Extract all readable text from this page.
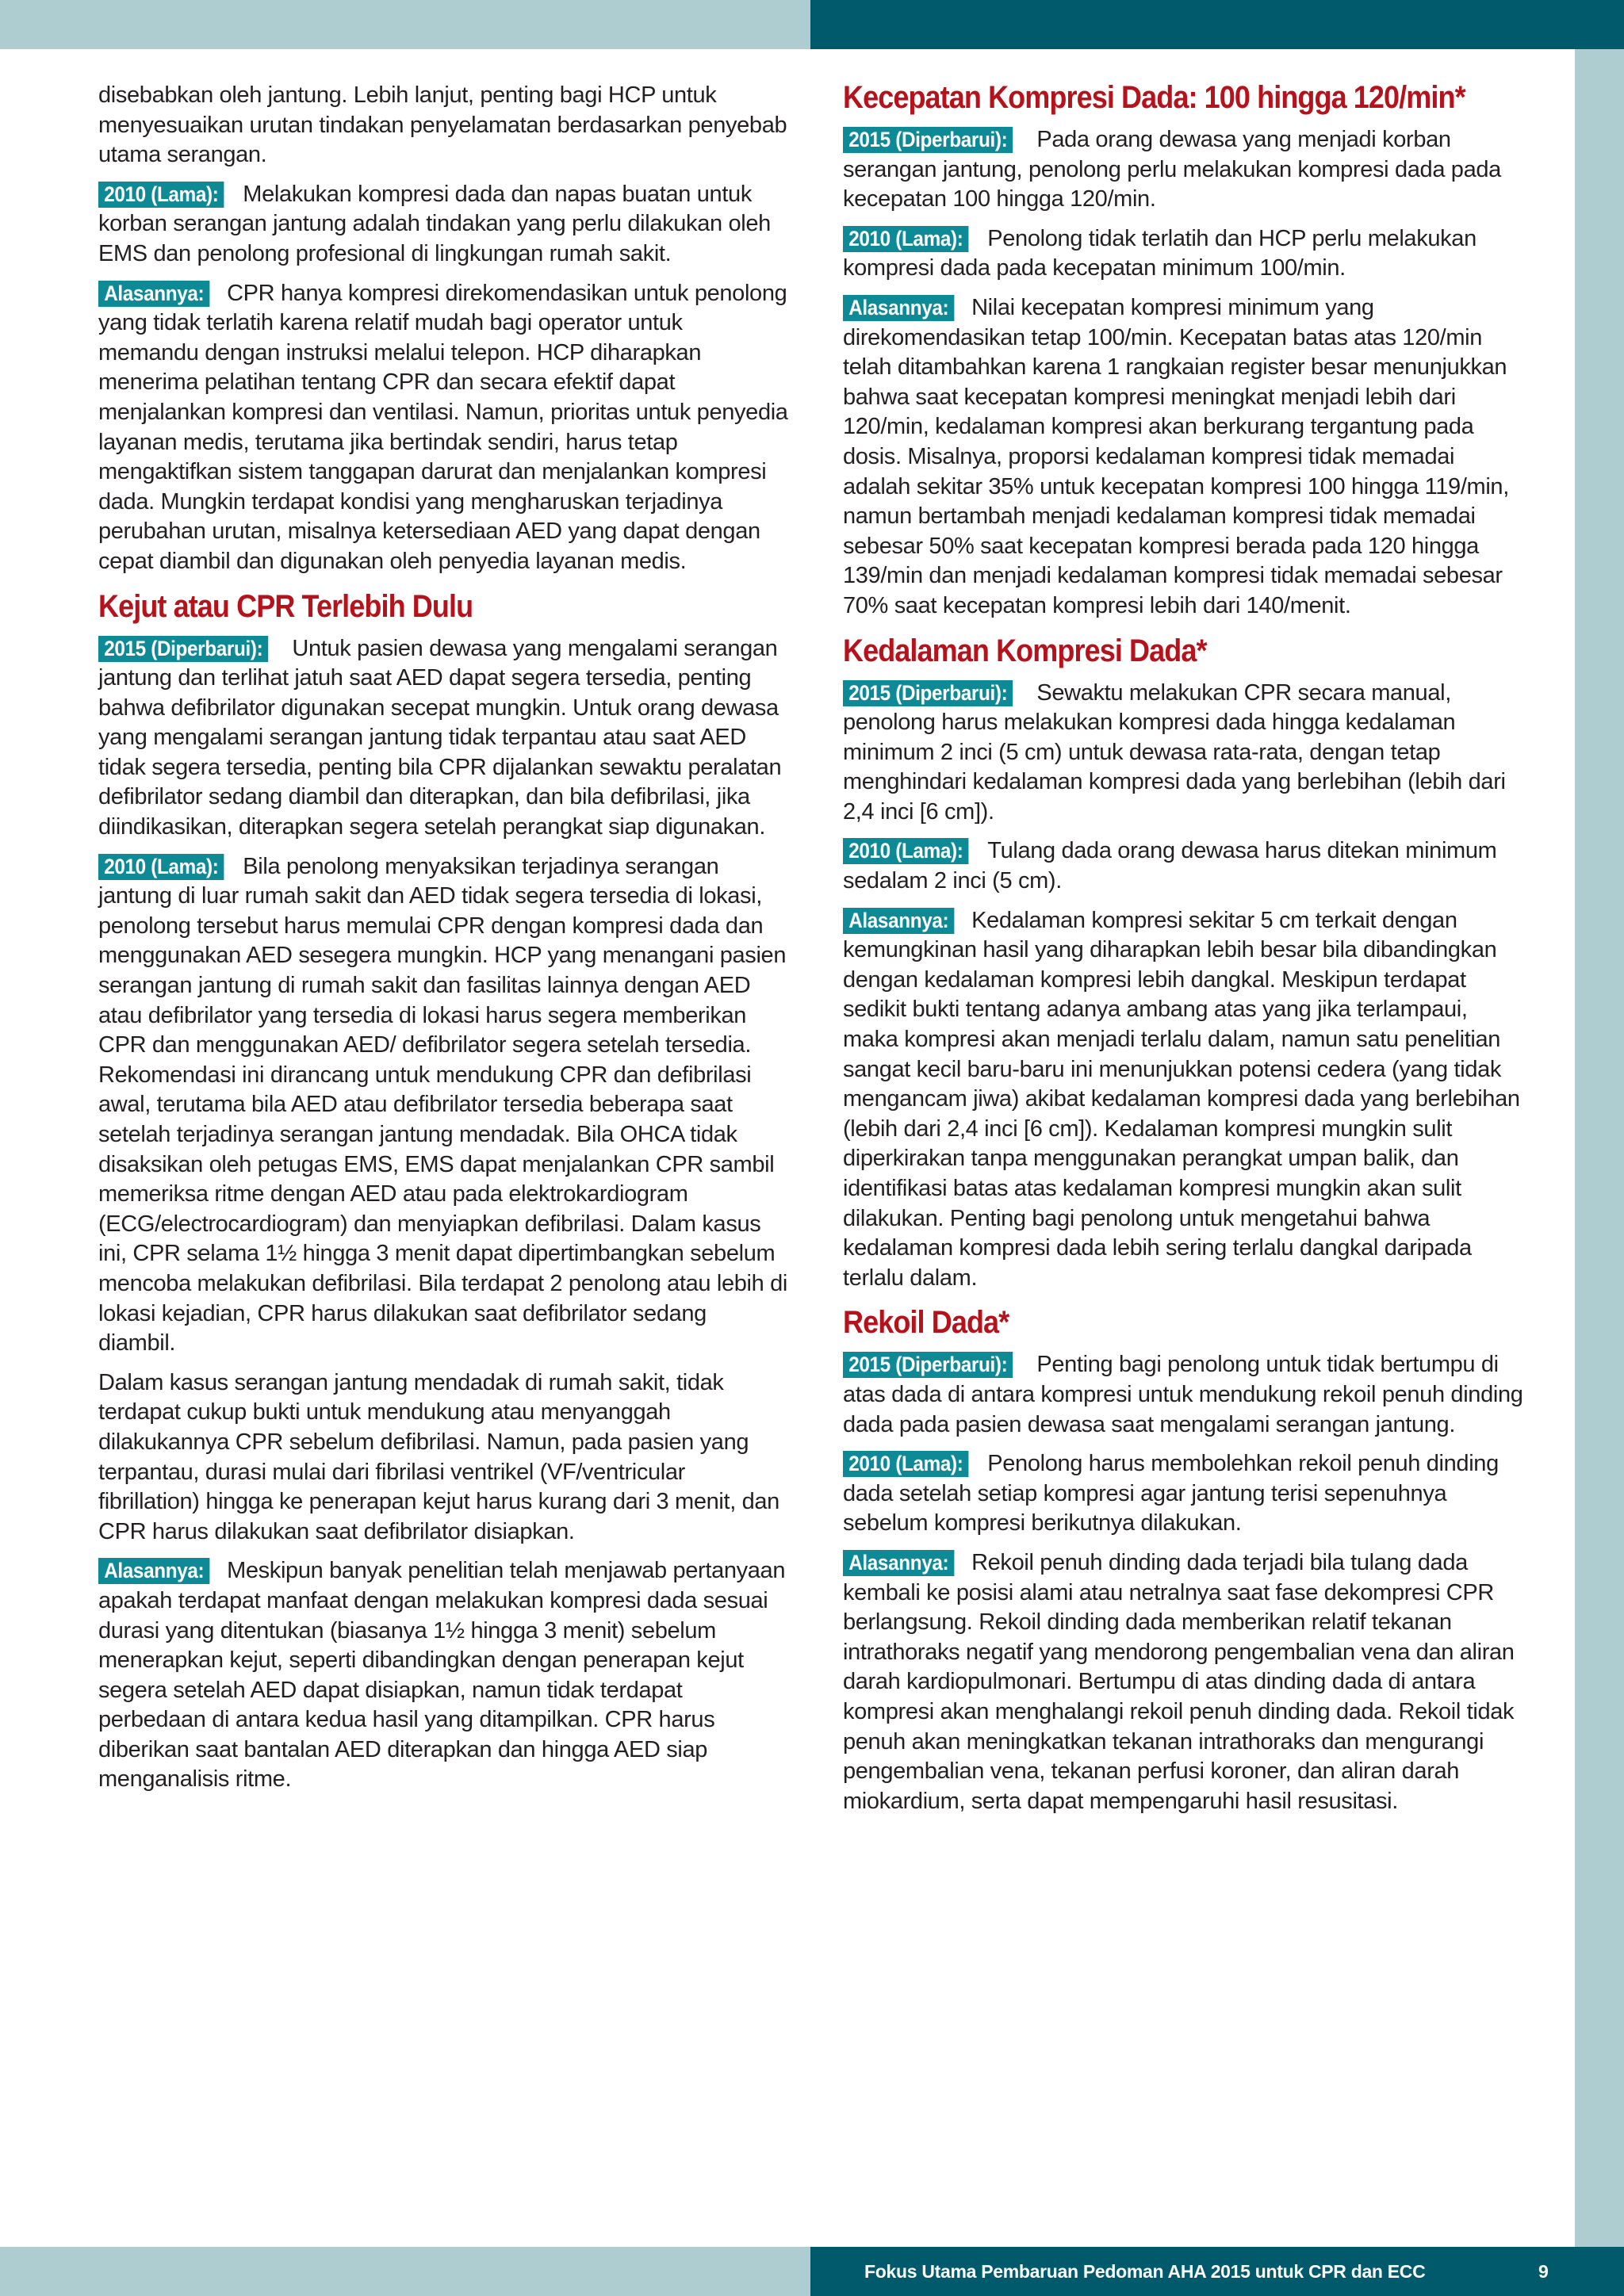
disebabkan oleh jantung. Lebih lanjut, penting bagi HCP untuk menyesuaikan urutan tindakan penyelamatan berdasarkan penyebab utama serangan.

2010 (Lama): Melakukan kompresi dada dan napas buatan untuk korban serangan jantung adalah tindakan yang perlu dilakukan oleh EMS dan penolong profesional di lingkungan rumah sakit.

Alasannya: CPR hanya kompresi direkomendasikan untuk penolong yang tidak terlatih karena relatif mudah bagi operator untuk memandu dengan instruksi melalui telepon. HCP diharapkan menerima pelatihan tentang CPR dan secara efektif dapat menjalankan kompresi dan ventilasi. Namun, prioritas untuk penyedia layanan medis, terutama jika bertindak sendiri, harus tetap mengaktifkan sistem tanggapan darurat dan menjalankan kompresi dada. Mungkin terdapat kondisi yang mengharuskan terjadinya perubahan urutan, misalnya ketersediaan AED yang dapat dengan cepat diambil dan digunakan oleh penyedia layanan medis.

Kejut atau CPR Terlebih Dulu

2015 (Diperbarui): Untuk pasien dewasa yang mengalami serangan jantung dan terlihat jatuh saat AED dapat segera tersedia, penting bahwa defibrilator digunakan secepat mungkin. Untuk orang dewasa yang mengalami serangan jantung tidak terpantau atau saat AED tidak segera tersedia, penting bila CPR dijalankan sewaktu peralatan defibrilator sedang diambil dan diterapkan, dan bila defibrilasi, jika diindikasikan, diterapkan segera setelah perangkat siap digunakan.

2010 (Lama): Bila penolong menyaksikan terjadinya serangan jantung di luar rumah sakit dan AED tidak segera tersedia di lokasi, penolong tersebut harus memulai CPR dengan kompresi dada dan menggunakan AED sesegera mungkin. HCP yang menangani pasien serangan jantung di rumah sakit dan fasilitas lainnya dengan AED atau defibrilator yang tersedia di lokasi harus segera memberikan CPR dan menggunakan AED/ defibrilator segera setelah tersedia. Rekomendasi ini dirancang untuk mendukung CPR dan defibrilasi awal, terutama bila AED atau defibrilator tersedia beberapa saat setelah terjadinya serangan jantung mendadak. Bila OHCA tidak disaksikan oleh petugas EMS, EMS dapat menjalankan CPR sambil memeriksa ritme dengan AED atau pada elektrokardiogram (ECG/electrocardiogram) dan menyiapkan defibrilasi. Dalam kasus ini, CPR selama 1½ hingga 3 menit dapat dipertimbangkan sebelum mencoba melakukan defibrilasi. Bila terdapat 2 penolong atau lebih di lokasi kejadian, CPR harus dilakukan saat defibrilator sedang diambil.

Dalam kasus serangan jantung mendadak di rumah sakit, tidak terdapat cukup bukti untuk mendukung atau menyanggah dilakukannya CPR sebelum defibrilasi. Namun, pada pasien yang terpantau, durasi mulai dari fibrilasi ventrikel (VF/ventricular fibrillation) hingga ke penerapan kejut harus kurang dari 3 menit, dan CPR harus dilakukan saat defibrilator disiapkan.

Alasannya: Meskipun banyak penelitian telah menjawab pertanyaan apakah terdapat manfaat dengan melakukan kompresi dada sesuai durasi yang ditentukan (biasanya 1½ hingga 3 menit) sebelum menerapkan kejut, seperti dibandingkan dengan penerapan kejut segera setelah AED dapat disiapkan, namun tidak terdapat perbedaan di antara kedua hasil yang ditampilkan. CPR harus diberikan saat bantalan AED diterapkan dan hingga AED siap menganalisis ritme.

Kecepatan Kompresi Dada: 100 hingga 120/min*

2015 (Diperbarui): Pada orang dewasa yang menjadi korban serangan jantung, penolong perlu melakukan kompresi dada pada kecepatan 100 hingga 120/min.

2010 (Lama): Penolong tidak terlatih dan HCP perlu melakukan kompresi dada pada kecepatan minimum 100/min.

Alasannya: Nilai kecepatan kompresi minimum yang direkomendasikan tetap 100/min. Kecepatan batas atas 120/min telah ditambahkan karena 1 rangkaian register besar menunjukkan bahwa saat kecepatan kompresi meningkat menjadi lebih dari 120/min, kedalaman kompresi akan berkurang tergantung pada dosis. Misalnya, proporsi kedalaman kompresi tidak memadai adalah sekitar 35% untuk kecepatan kompresi 100 hingga 119/min, namun bertambah menjadi kedalaman kompresi tidak memadai sebesar 50% saat kecepatan kompresi berada pada 120 hingga 139/min dan menjadi kedalaman kompresi tidak memadai sebesar 70% saat kecepatan kompresi lebih dari 140/menit.

Kedalaman Kompresi Dada*

2015 (Diperbarui): Sewaktu melakukan CPR secara manual, penolong harus melakukan kompresi dada hingga kedalaman minimum 2 inci (5 cm) untuk dewasa rata-rata, dengan tetap menghindari kedalaman kompresi dada yang berlebihan (lebih dari 2,4 inci [6 cm]).

2010 (Lama): Tulang dada orang dewasa harus ditekan minimum sedalam 2 inci (5 cm).

Alasannya: Kedalaman kompresi sekitar 5 cm terkait dengan kemungkinan hasil yang diharapkan lebih besar bila dibandingkan dengan kedalaman kompresi lebih dangkal. Meskipun terdapat sedikit bukti tentang adanya ambang atas yang jika terlampaui, maka kompresi akan menjadi terlalu dalam, namun satu penelitian sangat kecil baru-baru ini menunjukkan potensi cedera (yang tidak mengancam jiwa) akibat kedalaman kompresi dada yang berlebihan (lebih dari 2,4 inci [6 cm]). Kedalaman kompresi mungkin sulit diperkirakan tanpa menggunakan perangkat umpan balik, dan identifikasi batas atas kedalaman kompresi mungkin akan sulit dilakukan. Penting bagi penolong untuk mengetahui bahwa kedalaman kompresi dada lebih sering terlalu dangkal daripada terlalu dalam.

Rekoil Dada*

2015 (Diperbarui): Penting bagi penolong untuk tidak bertumpu di atas dada di antara kompresi untuk mendukung rekoil penuh dinding dada pada pasien dewasa saat mengalami serangan jantung.

2010 (Lama): Penolong harus membolehkan rekoil penuh dinding dada setelah setiap kompresi agar jantung terisi sepenuhnya sebelum kompresi berikutnya dilakukan.

Alasannya: Rekoil penuh dinding dada terjadi bila tulang dada kembali ke posisi alami atau netralnya saat fase dekompresi CPR berlangsung. Rekoil dinding dada memberikan relatif tekanan intrathoraks negatif yang mendorong pengembalian vena dan aliran darah kardiopulmonari. Bertumpu di atas dinding dada di antara kompresi akan menghalangi rekoil penuh dinding dada. Rekoil tidak penuh akan meningkatkan tekanan intrathoraks dan mengurangi pengembalian vena, tekanan perfusi koroner, dan aliran darah miokardium, serta dapat mempengaruhi hasil resusitasi.

Fokus Utama Pembaruan Pedoman AHA 2015 untuk CPR dan ECC	9
